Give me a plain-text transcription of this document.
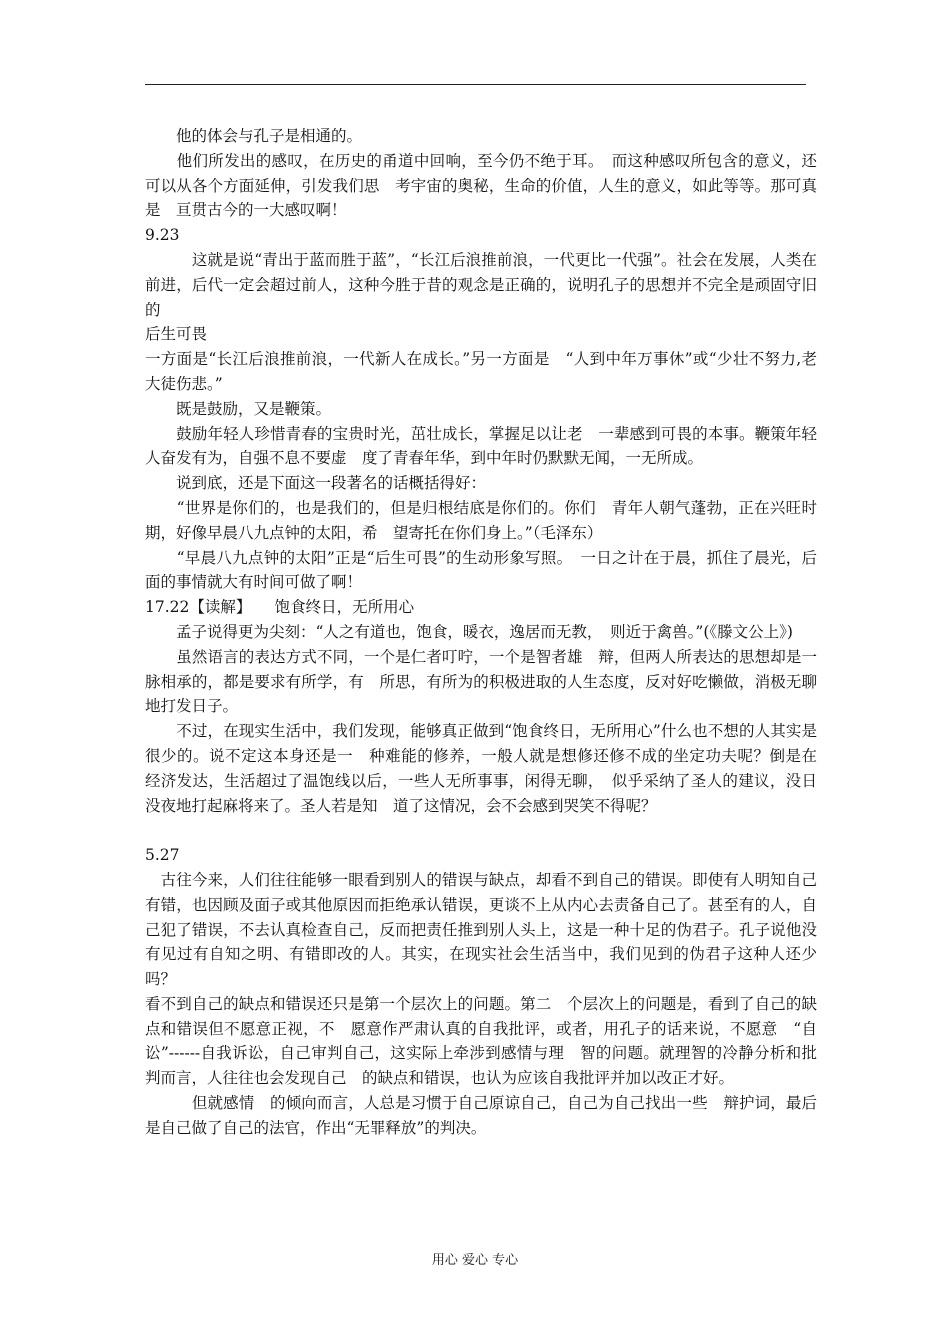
　　他的体会与孔子是相通的。

　　他们所发出的感叹，在历史的甬道中回响，至今仍不绝于耳。　而这种感叹所包含的意义，还可以从各个方面延伸，引发我们思　考宇宙的奥秘，生命的价值，人生的意义，如此等等。那可真是　亘贯古今的一大感叹啊！

9.23

　　　这就是说“青出于蓝而胜于蓝”，“长江后浪推前浪，一代更比一代强”。社会在发展，人类在前进，后代一定会超过前人，这种今胜于昔的观念是正确的，说明孔子的思想并不完全是顽固守旧的

后生可畏

一方面是“长江后浪推前浪，一代新人在成长。”另一方面是　“人到中年万事休”或“少壮不努力,老大徒伤悲。”

　　既是鼓励，又是鞭策。

　　鼓励年轻人珍惜青春的宝贵时光，茁壮成长，掌握足以让老　一辈感到可畏的本事。鞭策年轻人奋发有为，自强不息不要虚　度了青春年华，到中年时仍默默无闻，一无所成。

　　说到底，还是下面这一段著名的话概括得好：

　　“世界是你们的，也是我们的，但是归根结底是你们的。你们　青年人朝气蓬勃，正在兴旺时期，好像早晨八九点钟的太阳，希　望寄托在你们身上。”（毛泽东）

　　“早晨八九点钟的太阳”正是“后生可畏”的生动形象写照。　一日之计在于晨，抓住了晨光，后面的事情就大有时间可做了啊！

17.22【读解】　　饱食终日，无所用心

　　孟子说得更为尖刻：“人之有道也，饱食，暖衣，逸居而无教，　则近于禽兽。”(《滕文公上》)

　　虽然语言的表达方式不同，一个是仁者叮咛，一个是智者雄　辩，但两人所表达的思想却是一脉相承的，都是要求有所学，有　所思，有所为的积极进取的人生态度，反对好吃懒做，消极无聊　地打发日子。

　　不过，在现实生活中，我们发现，能够真正做到“饱食终日，无所用心”什么也不想的人其实是很少的。说不定这本身还是一　种难能的修养，一般人就是想修还修不成的坐定功夫呢？倒是在　经济发达，生活超过了温饱线以后，一些人无所事事，闲得无聊，　似乎采纳了圣人的建议，没日没夜地打起麻将来了。圣人若是知　道了这情况，会不会感到哭笑不得呢？

5.27

　古往今来，人们往往能够一眼看到别人的错误与缺点，却看不到自己的错误。即使有人明知自己有错，也因顾及面子或其他原因而拒绝承认错误，更谈不上从内心去责备自己了。甚至有的人，自己犯了错误，不去认真检查自己，反而把责任推到别人头上，这是一种十足的伪君子。孔子说他没有见过有自知之明、有错即改的人。其实，在现实社会生活当中，我们见到的伪君子这种人还少吗？

看不到自己的缺点和错误还只是第一个层次上的问题。第二　个层次上的问题是，看到了自己的缺点和错误但不愿意正视，不　愿意作严肃认真的自我批评，或者，用孔子的话来说，不愿意　“自讼”------自我诉讼，自己审判自己，这实际上牵涉到感情与理　智的问题。就理智的冷静分析和批判而言，人往往也会发现自己　的缺点和错误，也认为应该自我批评并加以改正才好。

　　　但就感情　的倾向而言，人总是习惯于自己原谅自己，自己为自己找出一些　辩护词，最后是自己做了自己的法官，作出“无罪释放”的判决。

用心 爱心 专心
